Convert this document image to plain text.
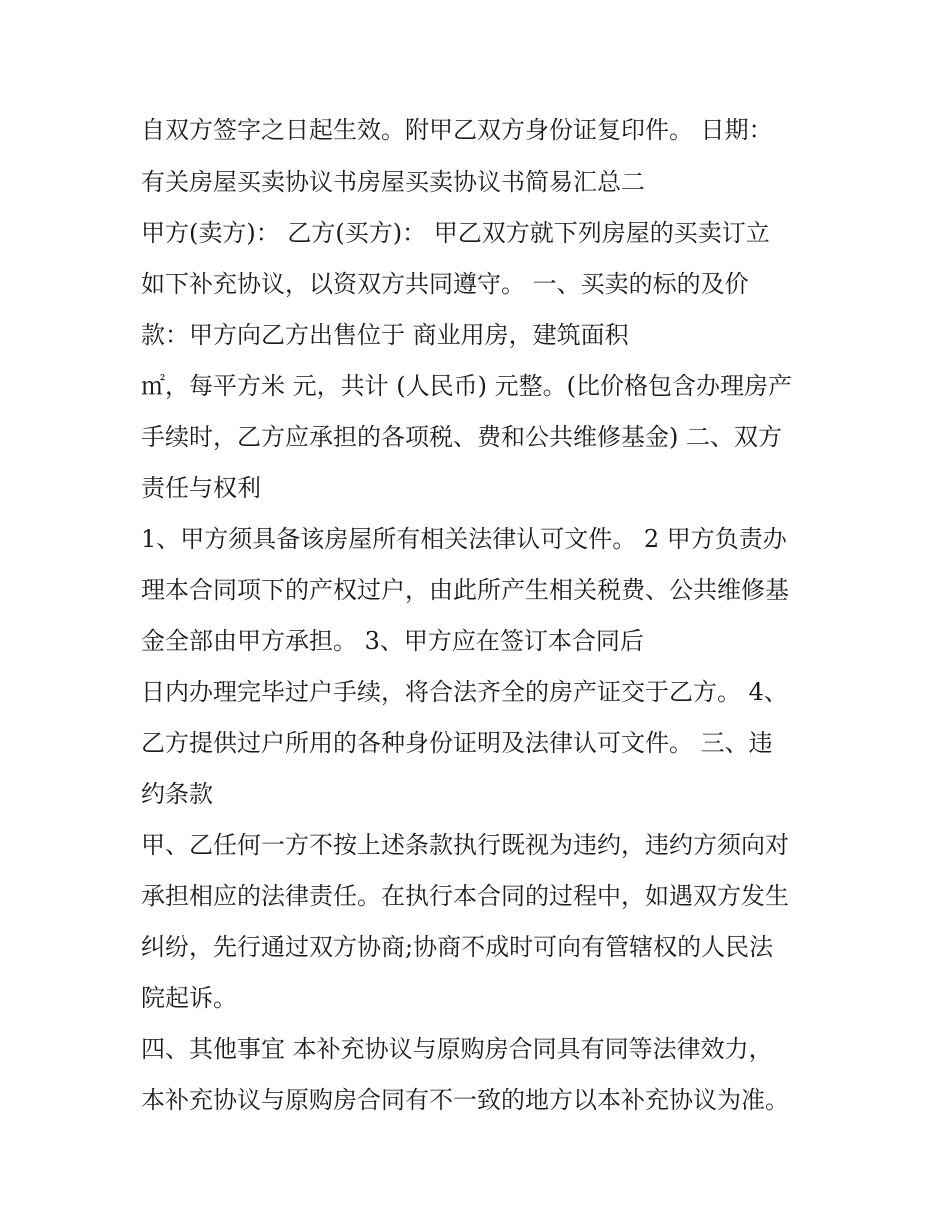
自双方签字之日起生效。附甲乙双方身份证复印件。 日期：
有关房屋买卖协议书房屋买卖协议书简易汇总二
甲方(卖方)： 乙方(买方)： 甲乙双方就下列房屋的买卖订立
如下补充协议，以资双方共同遵守。 一、买卖的标的及价
款：甲方向乙方出售位于 商业用房，建筑面积
㎡，每平方米 元，共计 (人民币) 元整。(比价格包含办理房产
手续时，乙方应承担的各项税、费和公共维修基金) 二、双方
责任与权利
1、甲方须具备该房屋所有相关法律认可文件。 2 甲方负责办
理本合同项下的产权过户，由此所产生相关税费、公共维修基
金全部由甲方承担。 3、甲方应在签订本合同后
日内办理完毕过户手续，将合法齐全的房产证交于乙方。 4、
乙方提供过户所用的各种身份证明及法律认可文件。 三、违
约条款
甲、乙任何一方不按上述条款执行既视为违约，违约方须向对
承担相应的法律责任。在执行本合同的过程中，如遇双方发生
纠纷，先行通过双方协商;协商不成时可向有管辖权的人民法
院起诉。
四、其他事宜 本补充协议与原购房合同具有同等法律效力，
本补充协议与原购房合同有不一致的地方以本补充协议为准。
